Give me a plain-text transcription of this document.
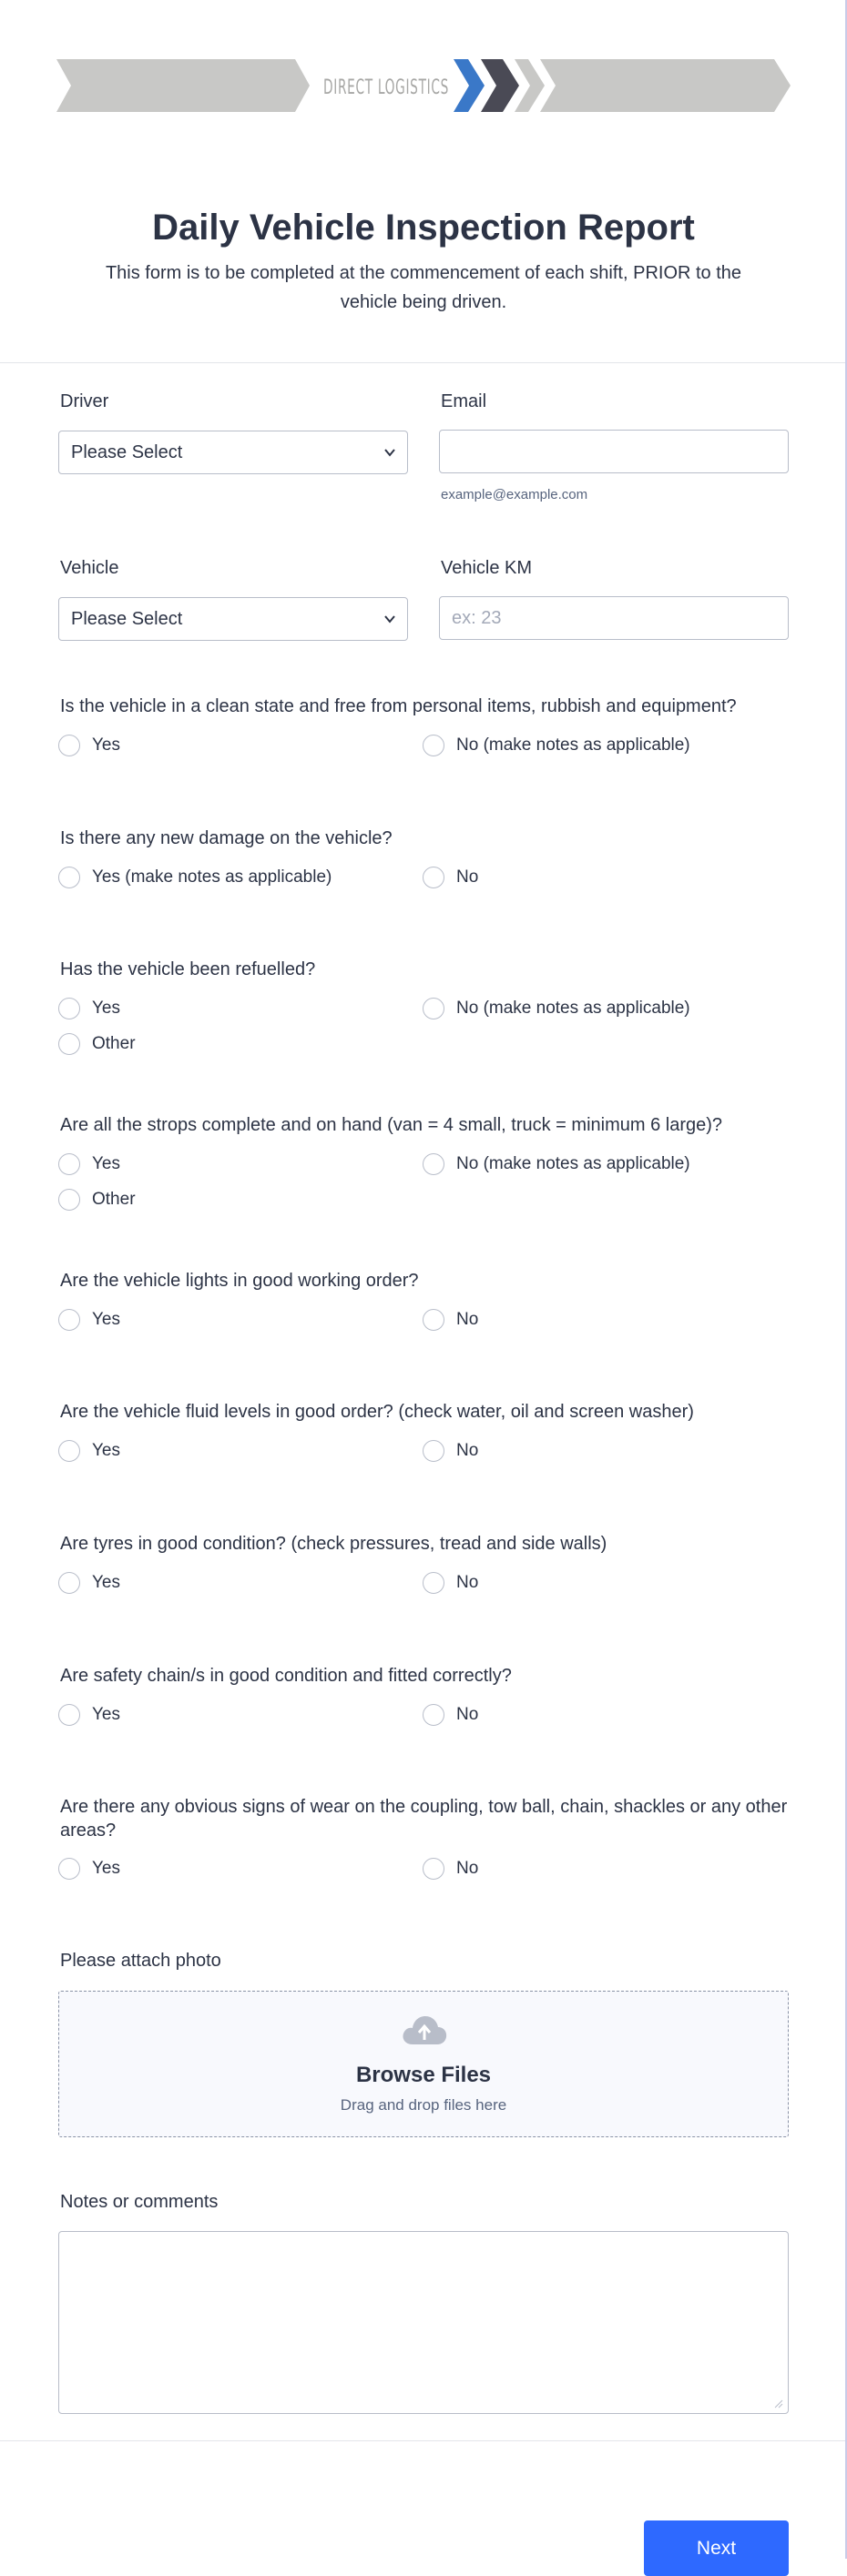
DIRECT LOGISTICS
Daily Vehicle Inspection Report

This form is to be completed at the commencement of each shift, PRIOR to the vehicle being driven.

Driver
Please Select
Email
example@example.com
Vehicle
Please Select
Vehicle KM
ex: 23
Is the vehicle in a clean state and free from personal items, rubbish and equipment?
Yes	No (make notes as applicable)
Is there any new damage on the vehicle?
Yes (make notes as applicable)	No
Has the vehicle been refuelled?
Yes	No (make notes as applicable)
Other
Are all the strops complete and on hand (van = 4 small, truck = minimum 6 large)?
Yes	No (make notes as applicable)
Other
Are the vehicle lights in good working order?
Yes	No
Are the vehicle fluid levels in good order? (check water, oil and screen washer)
Yes	No
Are tyres in good condition? (check pressures, tread and side walls)
Yes	No
Are safety chain/s in good condition and fitted correctly?
Yes	No
Are there any obvious signs of wear on the coupling, tow ball, chain, shackles or any other areas?
Yes	No
Please attach photo
Browse Files
Drag and drop files here
Notes or comments
Next
